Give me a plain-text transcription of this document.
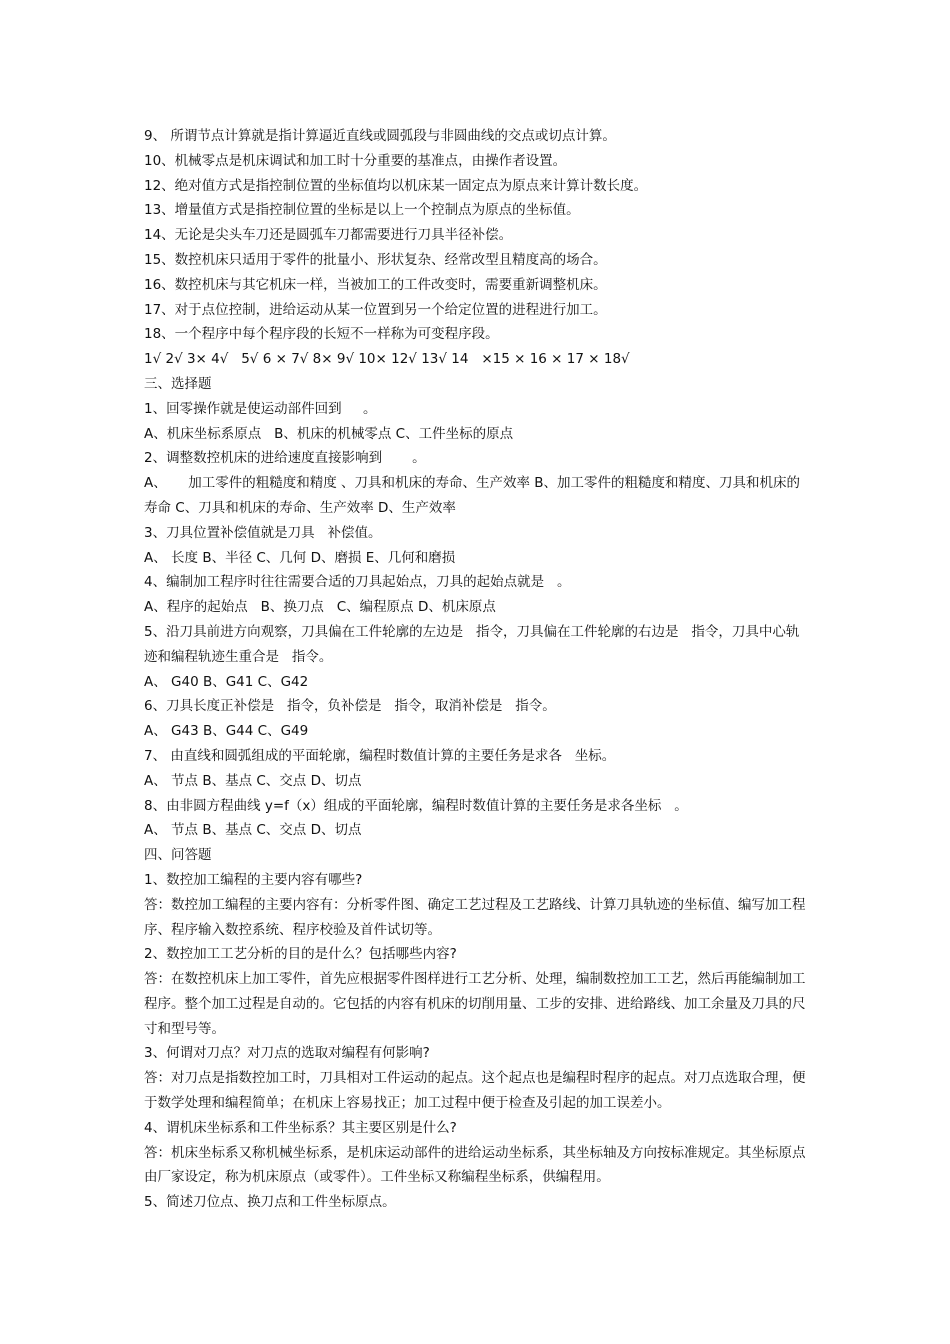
9、 所谓节点计算就是指计算逼近直线或圆弧段与非圆曲线的交点或切点计算。

10、机械零点是机床调试和加工时十分重要的基准点，由操作者设置。

12、绝对值方式是指控制位置的坐标值均以机床某一固定点为原点来计算计数长度。

13、增量值方式是指控制位置的坐标是以上一个控制点为原点的坐标值。

14、无论是尖头车刀还是圆弧车刀都需要进行刀具半径补偿。

15、数控机床只适用于零件的批量小、形状复杂、经常改型且精度高的场合。

16、数控机床与其它机床一样，当被加工的工件改变时，需要重新调整机床。

17、对于点位控制，进给运动从某一位置到另一个给定位置的进程进行加工。

18、一个程序中每个程序段的长短不一样称为可变程序段。

1√ 2√ 3× 4√   5√ 6 × 7√ 8× 9√ 10× 12√ 13√ 14   ×15 × 16 × 17 × 18√

三、选择题

1、回零操作就是使运动部件回到     。

A、机床坐标系原点   B、机床的机械零点 C、工件坐标的原点

2、调整数控机床的进给速度直接影响到       。

A、     加工零件的粗糙度和精度 、刀具和机床的寿命、生产效率 B、加工零件的粗糙度和精度、刀具和机床的寿命 C、刀具和机床的寿命、生产效率 D、生产效率

3、刀具位置补偿值就是刀具   补偿值。

A、 长度 B、半径 C、几何 D、磨损 E、几何和磨损

4、编制加工程序时往往需要合适的刀具起始点，刀具的起始点就是   。

A、程序的起始点   B、换刀点   C、编程原点 D、机床原点

5、沿刀具前进方向观察，刀具偏在工件轮廓的左边是   指令，刀具偏在工件轮廓的右边是   指令，刀具中心轨迹和编程轨迹生重合是   指令。

A、 G40 B、G41 C、G42

6、刀具长度正补偿是   指令，负补偿是   指令，取消补偿是   指令。

A、 G43 B、G44 C、G49

7、 由直线和圆弧组成的平面轮廓，编程时数值计算的主要任务是求各   坐标。

A、 节点 B、基点 C、交点 D、切点

8、由非圆方程曲线 y=f（x）组成的平面轮廓，编程时数值计算的主要任务是求各坐标   。

A、 节点 B、基点 C、交点 D、切点

四、问答题

1、数控加工编程的主要内容有哪些?

答：数控加工编程的主要内容有：分析零件图、确定工艺过程及工艺路线、计算刀具轨迹的坐标值、编写加工程序、程序输入数控系统、程序校验及首件试切等。

2、数控加工工艺分析的目的是什么？包括哪些内容?

答：在数控机床上加工零件，首先应根据零件图样进行工艺分析、处理，编制数控加工工艺，然后再能编制加工程序。整个加工过程是自动的。它包括的内容有机床的切削用量、工步的安排、进给路线、加工余量及刀具的尺寸和型号等。

3、何谓对刀点？对刀点的选取对编程有何影响?

答：对刀点是指数控加工时，刀具相对工件运动的起点。这个起点也是编程时程序的起点。对刀点选取合理，便于数学处理和编程简单；在机床上容易找正；加工过程中便于检查及引起的加工误差小。

4、谓机床坐标系和工件坐标系？其主要区别是什么?

答：机床坐标系又称机械坐标系，是机床运动部件的进给运动坐标系，其坐标轴及方向按标准规定。其坐标原点由厂家设定，称为机床原点（或零件）。工件坐标又称编程坐标系，供编程用。

5、简述刀位点、换刀点和工件坐标原点。
